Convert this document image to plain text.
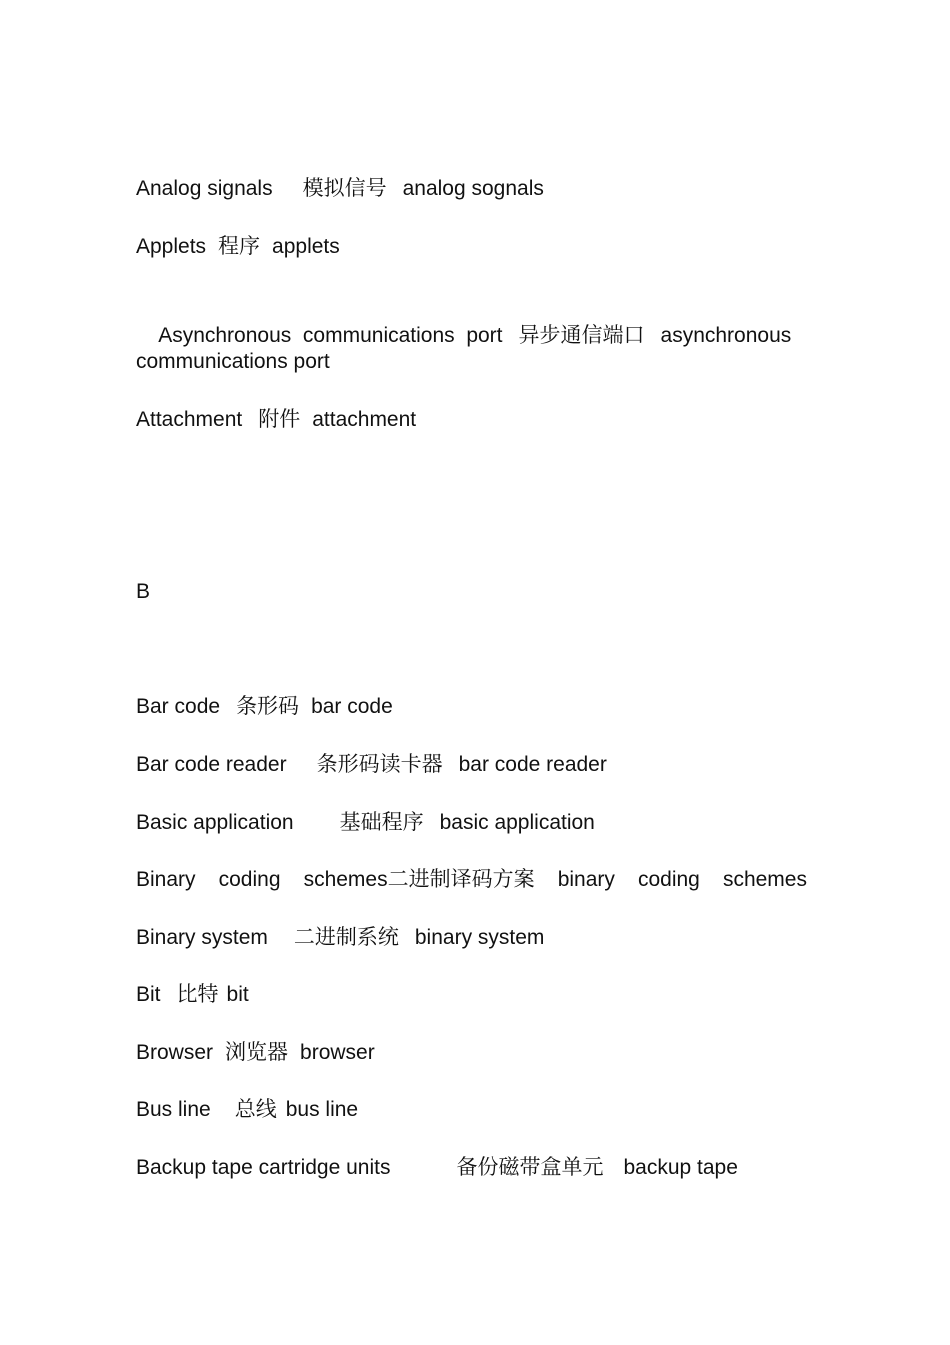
Analog signals 模拟信号 analog sognals
Applets 程序 applets

Asynchronous  communications  port 异步通信端口 asynchronous

communications port
Attachment 附件 attachment
B
Bar code 条形码 bar code
Bar code reader 条形码读卡器 bar code reader
Basic application 基础程序 basic application
Binary coding schemes二进制译码方案 binary coding schemes
Binary system 二进制系统 binary system
Bit 比特 bit
Browser 浏览器 browser
Bus line 总线 bus line
Backup tape cartridge units	备份磁带盒单元 backup tape
